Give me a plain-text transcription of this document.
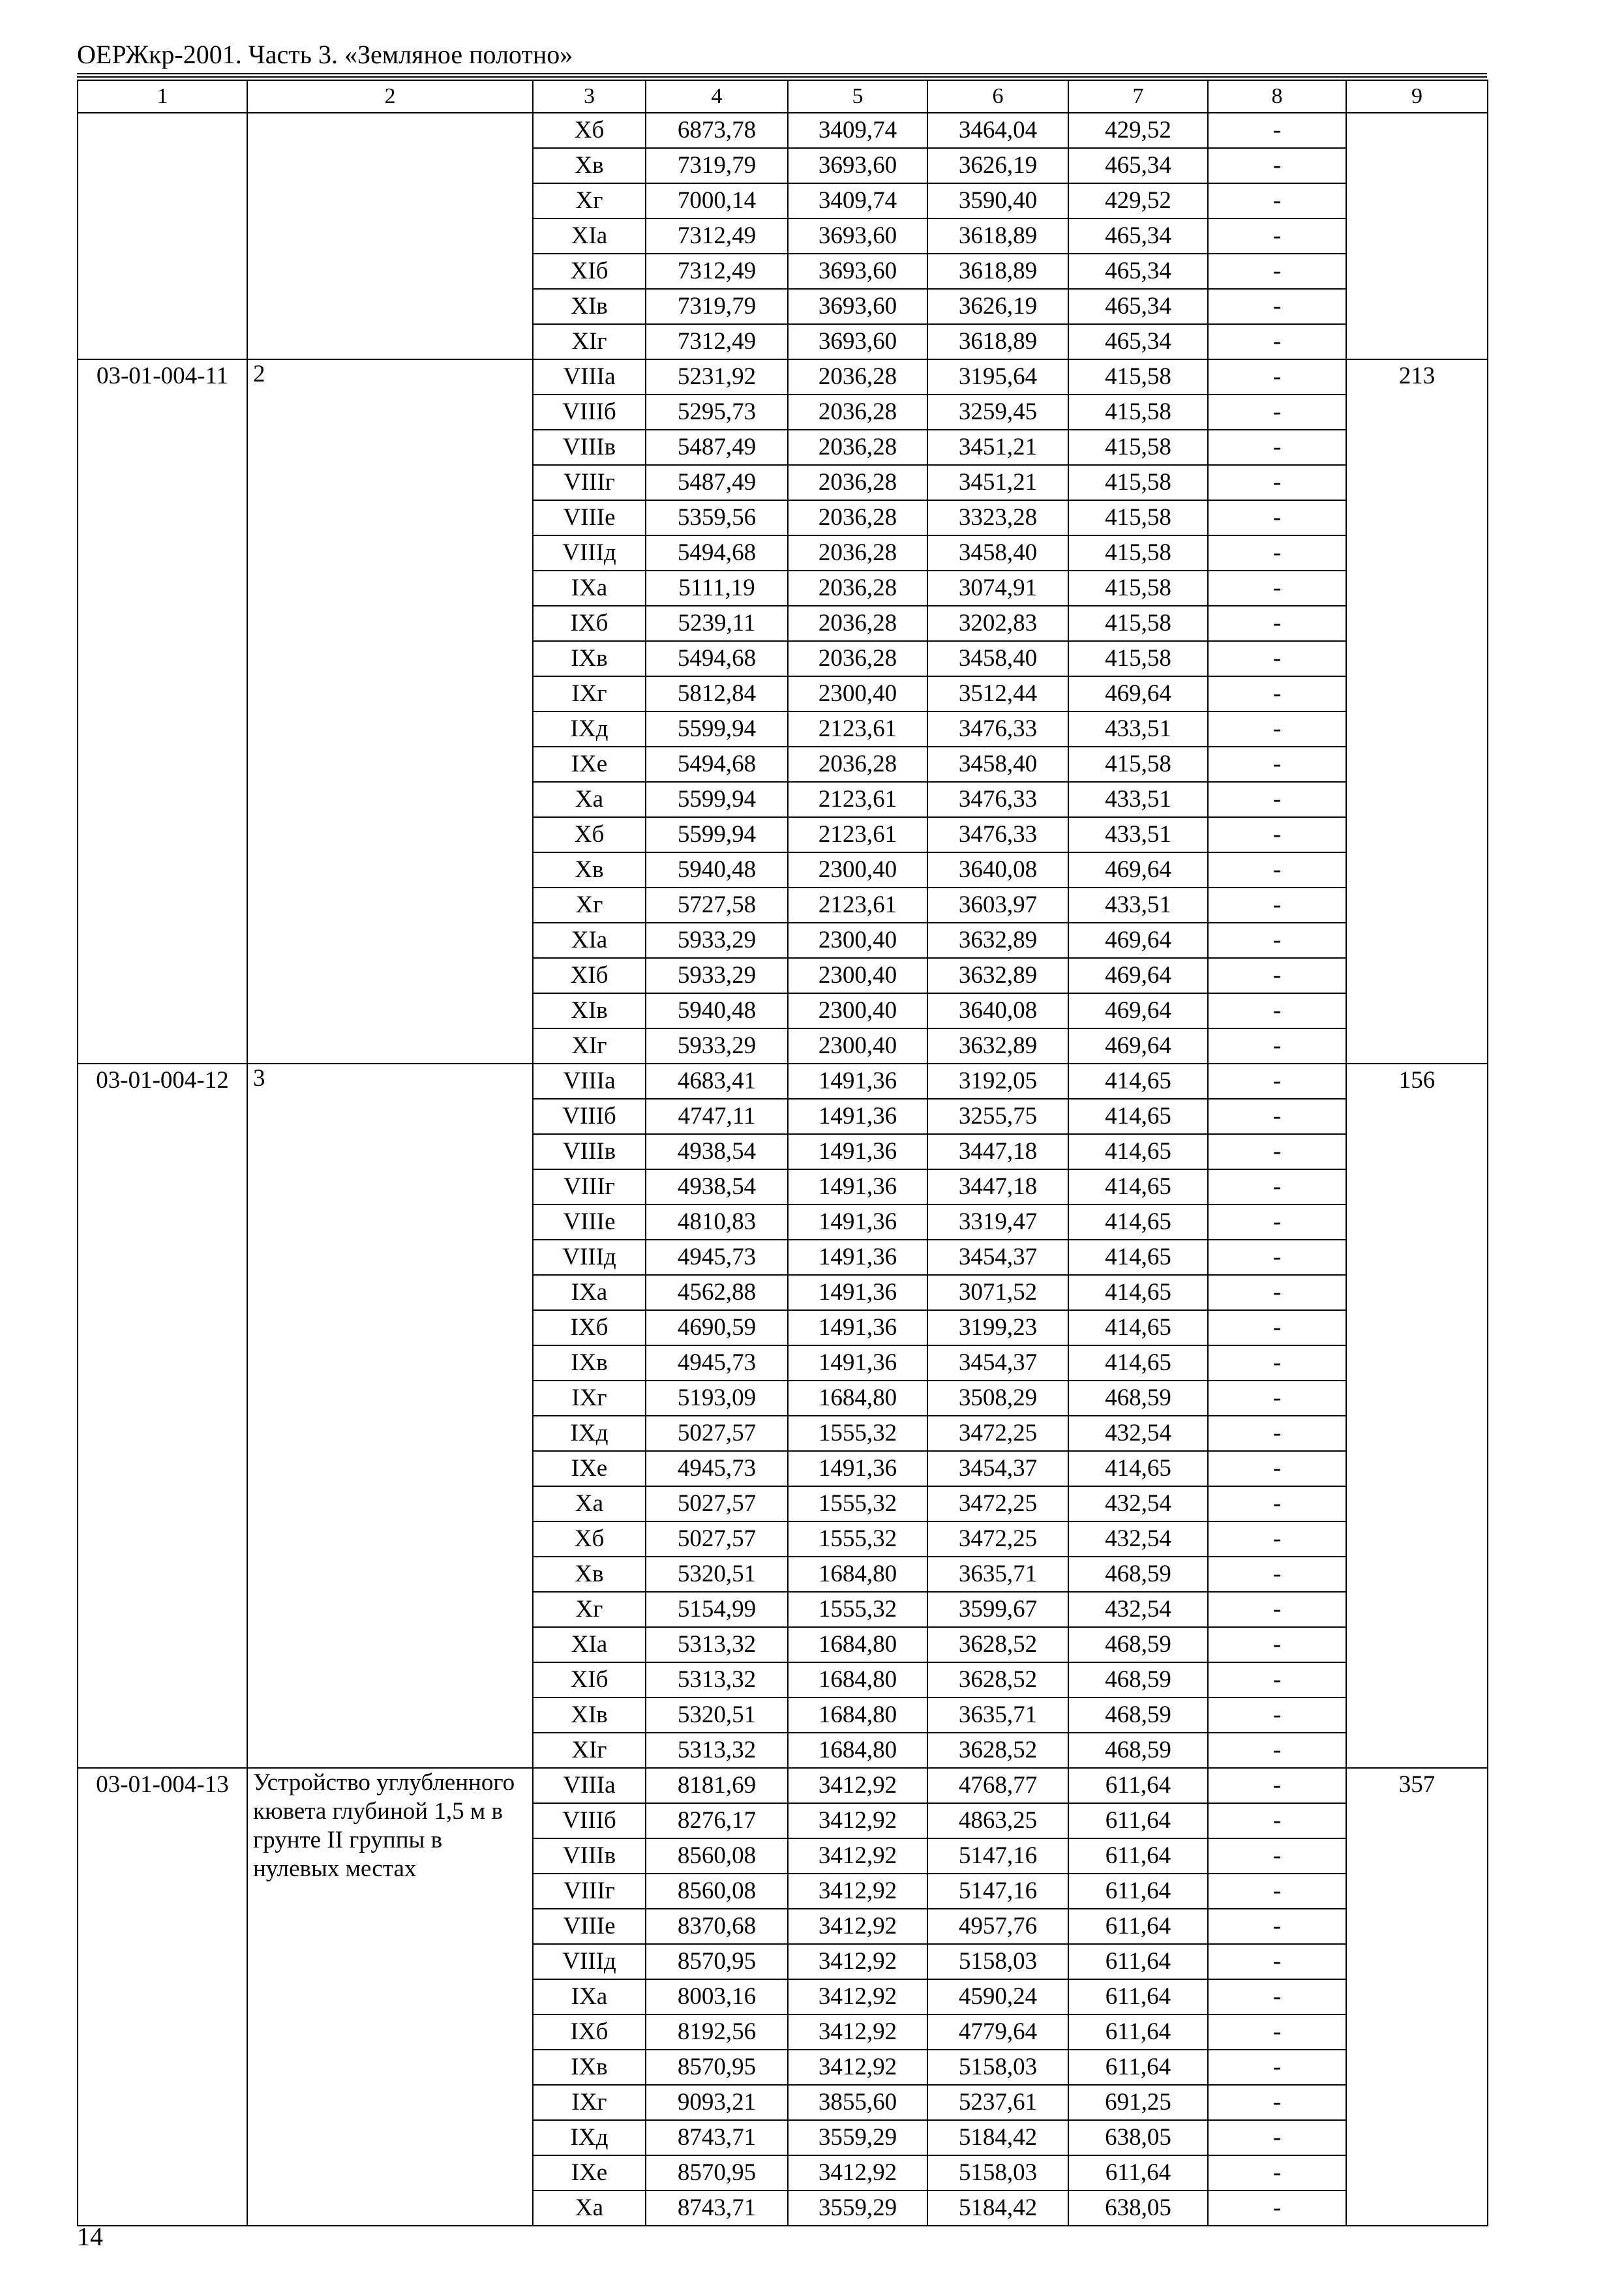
ОЕРЖкр-2001. Часть 3. «Земляное полотно»
1	2	3	4	5	6	7	8	9
		Xб	6873,78	3409,74	3464,04	429,52	-	
		Xв	7319,79	3693,60	3626,19	465,34	-	
		Xг	7000,14	3409,74	3590,40	429,52	-	
		XIа	7312,49	3693,60	3618,89	465,34	-	
		XIб	7312,49	3693,60	3618,89	465,34	-	
		XIв	7319,79	3693,60	3626,19	465,34	-	
		XIг	7312,49	3693,60	3618,89	465,34	-	
03-01-004-11	2	VIIIа	5231,92	2036,28	3195,64	415,58	-	213
		VIIIб	5295,73	2036,28	3259,45	415,58	-	
		VIIIв	5487,49	2036,28	3451,21	415,58	-	
		VIIIг	5487,49	2036,28	3451,21	415,58	-	
		VIIIе	5359,56	2036,28	3323,28	415,58	-	
		VIIIд	5494,68	2036,28	3458,40	415,58	-	
		IXа	5111,19	2036,28	3074,91	415,58	-	
		IXб	5239,11	2036,28	3202,83	415,58	-	
		IXв	5494,68	2036,28	3458,40	415,58	-	
		IXг	5812,84	2300,40	3512,44	469,64	-	
		IXд	5599,94	2123,61	3476,33	433,51	-	
		IXе	5494,68	2036,28	3458,40	415,58	-	
		Xа	5599,94	2123,61	3476,33	433,51	-	
		Xб	5599,94	2123,61	3476,33	433,51	-	
		Xв	5940,48	2300,40	3640,08	469,64	-	
		Xг	5727,58	2123,61	3603,97	433,51	-	
		XIа	5933,29	2300,40	3632,89	469,64	-	
		XIб	5933,29	2300,40	3632,89	469,64	-	
		XIв	5940,48	2300,40	3640,08	469,64	-	
		XIг	5933,29	2300,40	3632,89	469,64	-	
03-01-004-12	3	VIIIа	4683,41	1491,36	3192,05	414,65	-	156
		VIIIб	4747,11	1491,36	3255,75	414,65	-	
		VIIIв	4938,54	1491,36	3447,18	414,65	-	
		VIIIг	4938,54	1491,36	3447,18	414,65	-	
		VIIIе	4810,83	1491,36	3319,47	414,65	-	
		VIIIд	4945,73	1491,36	3454,37	414,65	-	
		IXа	4562,88	1491,36	3071,52	414,65	-	
		IXб	4690,59	1491,36	3199,23	414,65	-	
		IXв	4945,73	1491,36	3454,37	414,65	-	
		IXг	5193,09	1684,80	3508,29	468,59	-	
		IXд	5027,57	1555,32	3472,25	432,54	-	
		IXе	4945,73	1491,36	3454,37	414,65	-	
		Xа	5027,57	1555,32	3472,25	432,54	-	
		Xб	5027,57	1555,32	3472,25	432,54	-	
		Xв	5320,51	1684,80	3635,71	468,59	-	
		Xг	5154,99	1555,32	3599,67	432,54	-	
		XIа	5313,32	1684,80	3628,52	468,59	-	
		XIб	5313,32	1684,80	3628,52	468,59	-	
		XIв	5320,51	1684,80	3635,71	468,59	-	
		XIг	5313,32	1684,80	3628,52	468,59	-	
03-01-004-13	Устройство углубленного кювета глубиной 1,5 м в грунте II группы в нулевых местах	VIIIа	8181,69	3412,92	4768,77	611,64	-	357
		VIIIб	8276,17	3412,92	4863,25	611,64	-	
		VIIIв	8560,08	3412,92	5147,16	611,64	-	
		VIIIг	8560,08	3412,92	5147,16	611,64	-	
		VIIIе	8370,68	3412,92	4957,76	611,64	-	
		VIIIд	8570,95	3412,92	5158,03	611,64	-	
		IXа	8003,16	3412,92	4590,24	611,64	-	
		IXб	8192,56	3412,92	4779,64	611,64	-	
		IXв	8570,95	3412,92	5158,03	611,64	-	
		IXг	9093,21	3855,60	5237,61	691,25	-	
		IXд	8743,71	3559,29	5184,42	638,05	-	
		IXе	8570,95	3412,92	5158,03	611,64	-	
		Xа	8743,71	3559,29	5184,42	638,05	-	
14
